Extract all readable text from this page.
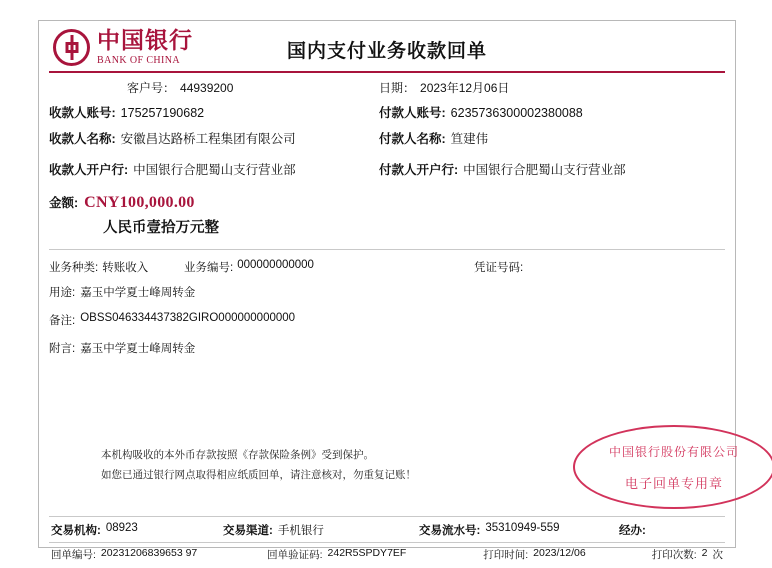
中国银行
BANK OF CHINA	国内支付业务收款回单
客户号： 44939200	日期： 2023年12月06日
收款人账号: 175257190682	付款人账号: 6235736300002380088
收款人名称: 安徽昌达路桥工程集团有限公司	付款人名称: 笪建伟
收款人开户行: 中国银行合肥蜀山支行营业部	付款人开户行: 中国银行合肥蜀山支行营业部
金额: CNY100,000.00
人民币壹拾万元整
业务种类: 转账收入	业务编号: 000000000000	凭证号码:
用途: 嘉玉中学夏士峰周转金
备注: OBSS046334437382GIRO000000000000
附言: 嘉玉中学夏士峰周转金
本机构吸收的本外币存款按照《存款保险条例》受到保护。
如您已通过银行网点取得相应纸质回单，请注意核对，勿重复记账！
中国银行股份有限公司
电子回单专用章
交易机构: 08923	交易渠道: 手机银行	交易流水号: 35310949-559	经办:
回单编号: 20231206839653 97	回单验证码: 242R5SPDY7EF	打印时间: 2023/12/06	打印次数: 2 次
